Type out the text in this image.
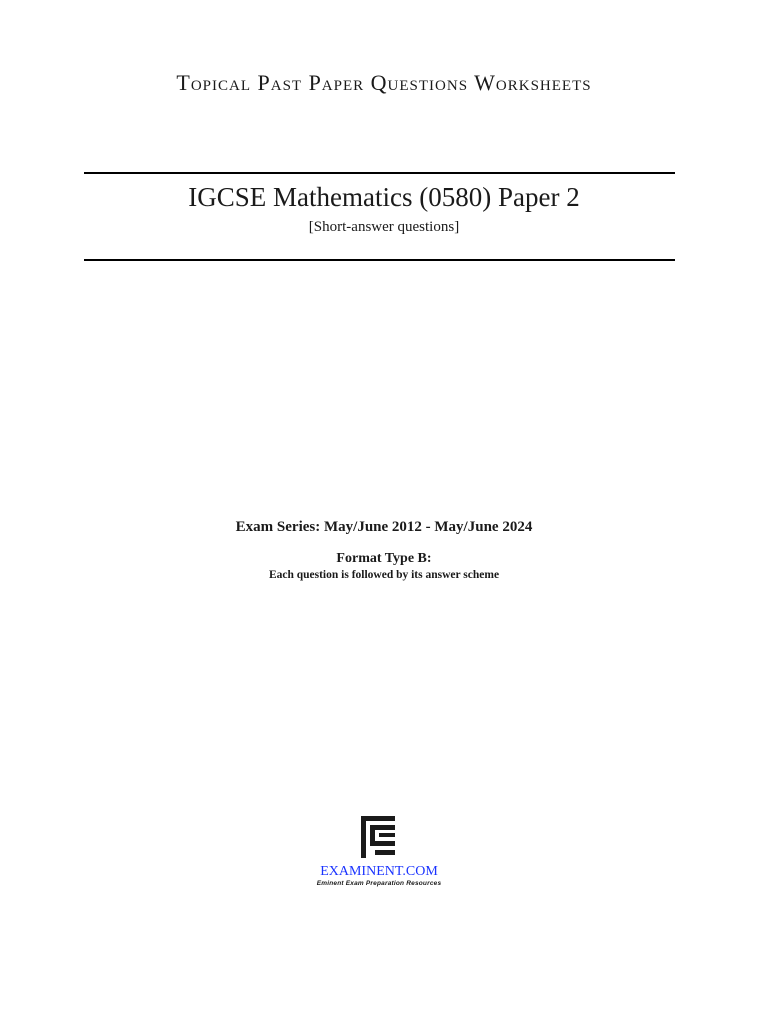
Topical Past Paper Questions Worksheets
IGCSE Mathematics (0580) Paper 2
[Short-answer questions]
Exam Series: May/June 2012 - May/June 2024
Format Type B:
Each question is followed by its answer scheme
EXAMINENT.COM
Eminent Exam Preparation Resources
